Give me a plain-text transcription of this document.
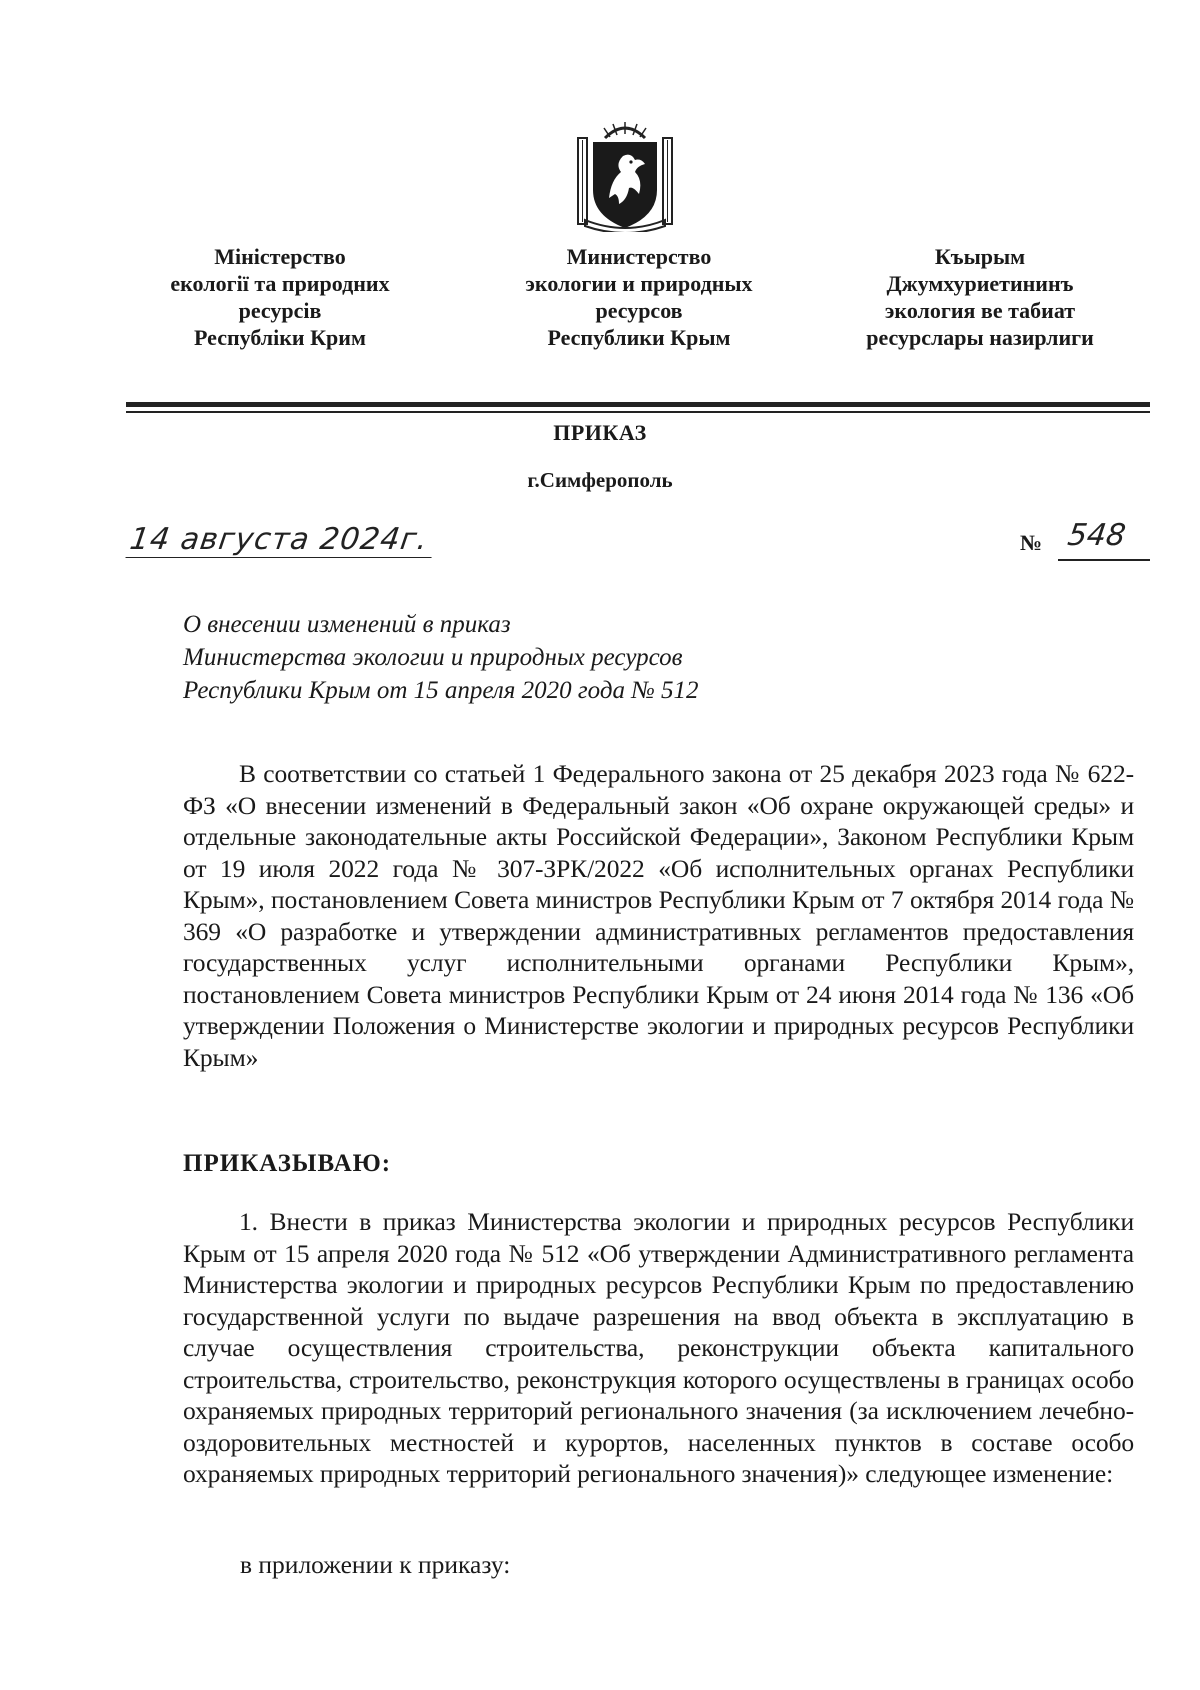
Міністерство
екології та природних
ресурсів
Республіки Крим
Министерство
экологии и природных
ресурсов
Республики Крым
Къырым
Джумхуриетининъ
экология ве табиат
ресурслары назирлиги
ПРИКАЗ
г.Симферополь
14 августа 2024г.	№ 548
О внесении изменений в приказ
Министерства экологии и природных ресурсов
Республики Крым от 15 апреля 2020 года № 512
В соответствии со статьей 1 Федерального закона от 25 декабря 2023 года № 622-ФЗ «О внесении изменений в Федеральный закон «Об охране окружающей среды» и отдельные законодательные акты Российской Федерации», Законом Республики Крым от 19 июля 2022 года № 307-ЗРК/2022 «Об исполнительных органах Республики Крым», постановлением Совета министров Республики Крым от 7 октября 2014 года № 369 «О разработке и утверждении административных регламентов предоставления государственных услуг исполнительными органами Республики Крым», постановлением Совета министров Республики Крым от 24 июня 2014 года № 136 «Об утверждении Положения о Министерстве экологии и природных ресурсов Республики Крым»
ПРИКАЗЫВАЮ:
1. Внести в приказ Министерства экологии и природных ресурсов Республики Крым от 15 апреля 2020 года № 512 «Об утверждении Административного регламента Министерства экологии и природных ресурсов Республики Крым по предоставлению государственной услуги по выдаче разрешения на ввод объекта в эксплуатацию в случае осуществления строительства, реконструкции объекта капитального строительства, строительство, реконструкция которого осуществлены в границах особо охраняемых природных территорий регионального значения (за исключением лечебно-оздоровительных местностей и курортов, населенных пунктов в составе особо охраняемых природных территорий регионального значения)» следующее изменение:
в приложении к приказу:
